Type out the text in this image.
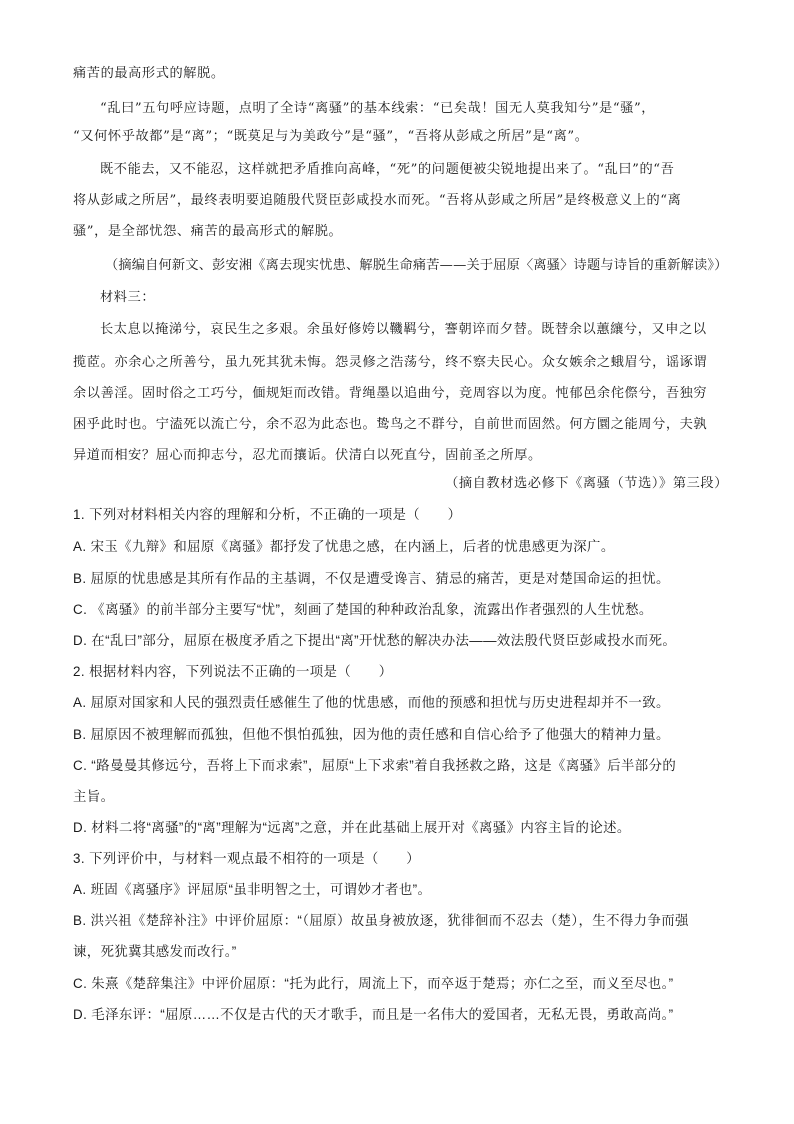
痛苦的最高形式的解脱。
“乱曰”五句呼应诗题，点明了全诗“离骚”的基本线索：“已矣哉！国无人莫我知兮”是“骚”，
“又何怀乎故都”是“离”；“既莫足与为美政兮”是“骚”，“吾将从彭咸之所居”是“离”。
既不能去，又不能忍，这样就把矛盾推向高峰，“死”的问题便被尖锐地提出来了。“乱曰”的“吾
将从彭咸之所居”，最终表明要追随殷代贤臣彭咸投水而死。“吾将从彭咸之所居”是终极意义上的“离
骚”，是全部忧怨、痛苦的最高形式的解脱。
（摘编自何新文、彭安湘《离去现实忧患、解脱生命痛苦——关于屈原〈离骚〉诗题与诗旨的重新解读》）
材料三：
长太息以掩涕兮，哀民生之多艰。余虽好修姱以鞿羁兮，謇朝谇而夕替。既替余以蕙纕兮，又申之以
揽茝。亦余心之所善兮，虽九死其犹未悔。怨灵修之浩荡兮，终不察夫民心。众女嫉余之蛾眉兮，谣诼谓
余以善淫。固时俗之工巧兮，偭规矩而改错。背绳墨以追曲兮，竞周容以为度。忳郁邑余侘傺兮，吾独穷
困乎此时也。宁溘死以流亡兮，余不忍为此态也。鸷鸟之不群兮，自前世而固然。何方圜之能周兮，夫孰
异道而相安？屈心而抑志兮，忍尤而攘诟。伏清白以死直兮，固前圣之所厚。
（摘自教材选必修下《离骚（节选）》第三段）
1. 下列对材料相关内容的理解和分析，不正确的一项是（　　）
A. 宋玉《九辩》和屈原《离骚》都抒发了忧患之感，在内涵上，后者的忧患感更为深广。
B. 屈原的忧患感是其所有作品的主基调，不仅是遭受谗言、猜忌的痛苦，更是对楚国命运的担忧。
C. 《离骚》的前半部分主要写“忧”，刻画了楚国的种种政治乱象，流露出作者强烈的人生忧愁。
D. 在“乱曰”部分，屈原在极度矛盾之下提出“离”开忧愁的解决办法——效法殷代贤臣彭咸投水而死。
2. 根据材料内容，下列说法不正确的一项是（　　）
A. 屈原对国家和人民的强烈责任感催生了他的忧患感，而他的预感和担忧与历史进程却并不一致。
B. 屈原因不被理解而孤独，但他不惧怕孤独，因为他的责任感和自信心给予了他强大的精神力量。
C. “路曼曼其修远兮，吾将上下而求索”，屈原“上下求索”着自我拯救之路，这是《离骚》后半部分的
主旨。
D. 材料二将“离骚”的“离”理解为“远离”之意，并在此基础上展开对《离骚》内容主旨的论述。
3. 下列评价中，与材料一观点最不相符的一项是（　　）
A. 班固《离骚序》评屈原“虽非明智之士，可谓妙才者也”。
B. 洪兴祖《楚辞补注》中评价屈原：“（屈原）故虽身被放逐，犹徘徊而不忍去（楚），生不得力争而强
谏，死犹冀其感发而改行。”
C. 朱熹《楚辞集注》中评价屈原：“托为此行，周流上下，而卒返于楚焉；亦仁之至，而义至尽也。”
D. 毛泽东评：“屈原……不仅是古代的天才歌手，而且是一名伟大的爱国者，无私无畏，勇敢高尚。”
